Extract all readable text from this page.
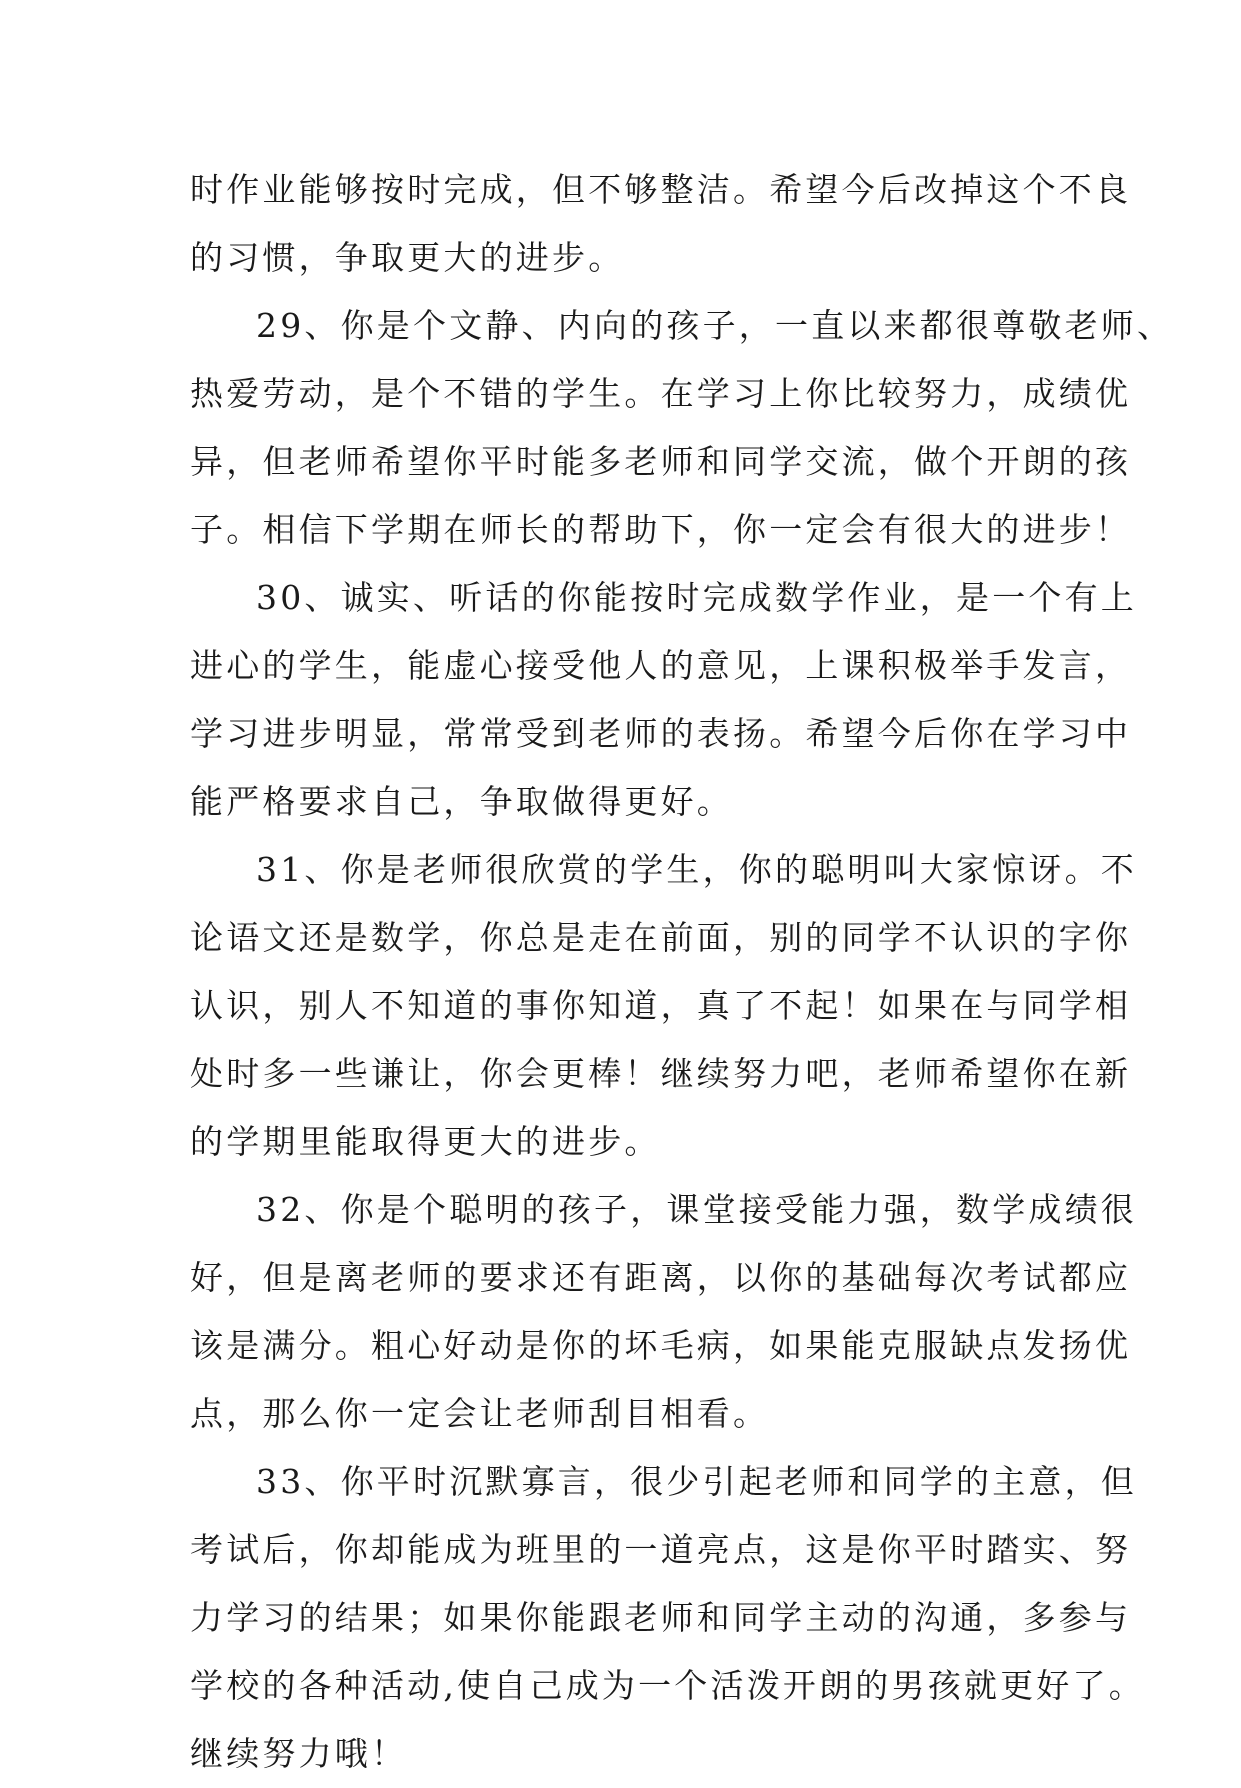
时作业能够按时完成，但不够整洁。希望今后改掉这个不良
的习惯，争取更大的进步。
29、你是个文静、内向的孩子，一直以来都很尊敬老师、
热爱劳动，是个不错的学生。在学习上你比较努力，成绩优
异，但老师希望你平时能多老师和同学交流，做个开朗的孩
子。相信下学期在师长的帮助下，你一定会有很大的进步！
30、诚实、听话的你能按时完成数学作业，是一个有上
进心的学生，能虚心接受他人的意见，上课积极举手发言，
学习进步明显，常常受到老师的表扬。希望今后你在学习中
能严格要求自己，争取做得更好。
31、你是老师很欣赏的学生，你的聪明叫大家惊讶。不
论语文还是数学，你总是走在前面，别的同学不认识的字你
认识，别人不知道的事你知道，真了不起！如果在与同学相
处时多一些谦让，你会更棒！继续努力吧，老师希望你在新
的学期里能取得更大的进步。
32、你是个聪明的孩子，课堂接受能力强，数学成绩很
好，但是离老师的要求还有距离，以你的基础每次考试都应
该是满分。粗心好动是你的坏毛病，如果能克服缺点发扬优
点，那么你一定会让老师刮目相看。
33、你平时沉默寡言，很少引起老师和同学的主意，但
考试后，你却能成为班里的一道亮点，这是你平时踏实、努
力学习的结果；如果你能跟老师和同学主动的沟通，多参与
学校的各种活动,使自己成为一个活泼开朗的男孩就更好了。
继续努力哦！
